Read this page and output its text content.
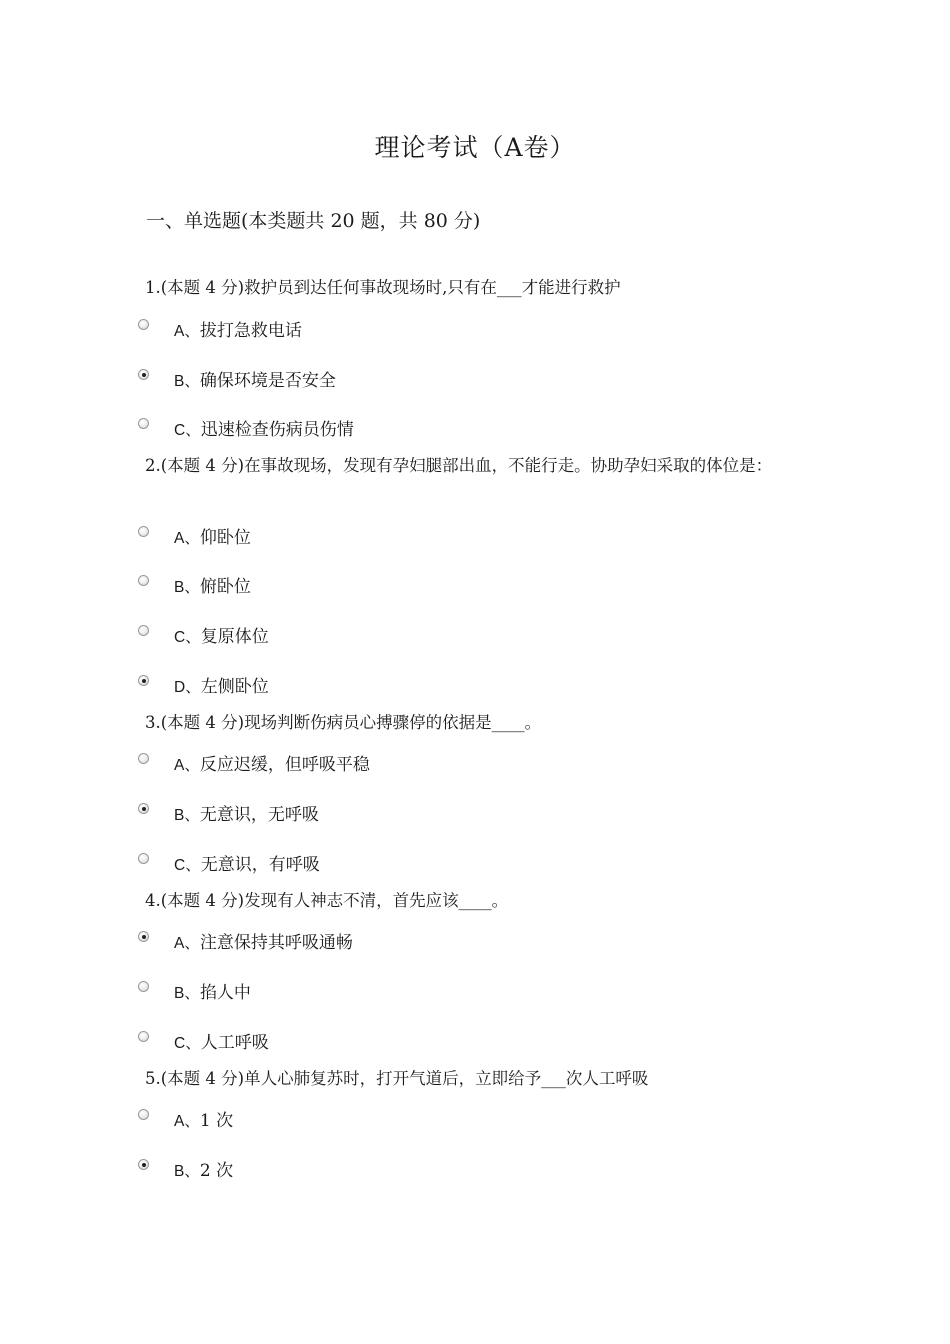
理论考试（A卷）
一、单选题(本类题共 20 题，共 80 分)
1.(本题 4 分)救护员到达任何事故现场时,只有在___才能进行救护
A、拔打急救电话
B、确保环境是否安全
C、迅速检查伤病员伤情
2.(本题 4 分)在事故现场，发现有孕妇腿部出血，不能行走。协助孕妇采取的体位是：
A、仰卧位
B、俯卧位
C、复原体位
D、左侧卧位
3.(本题 4 分)现场判断伤病员心搏骤停的依据是____。
A、反应迟缓，但呼吸平稳
B、无意识，无呼吸
C、无意识，有呼吸
4.(本题 4 分)发现有人神志不清，首先应该____。
A、注意保持其呼吸通畅
B、掐人中
C、人工呼吸
5.(本题 4 分)单人心肺复苏时，打开气道后，立即给予___次人工呼吸
A、1 次
B、2 次
